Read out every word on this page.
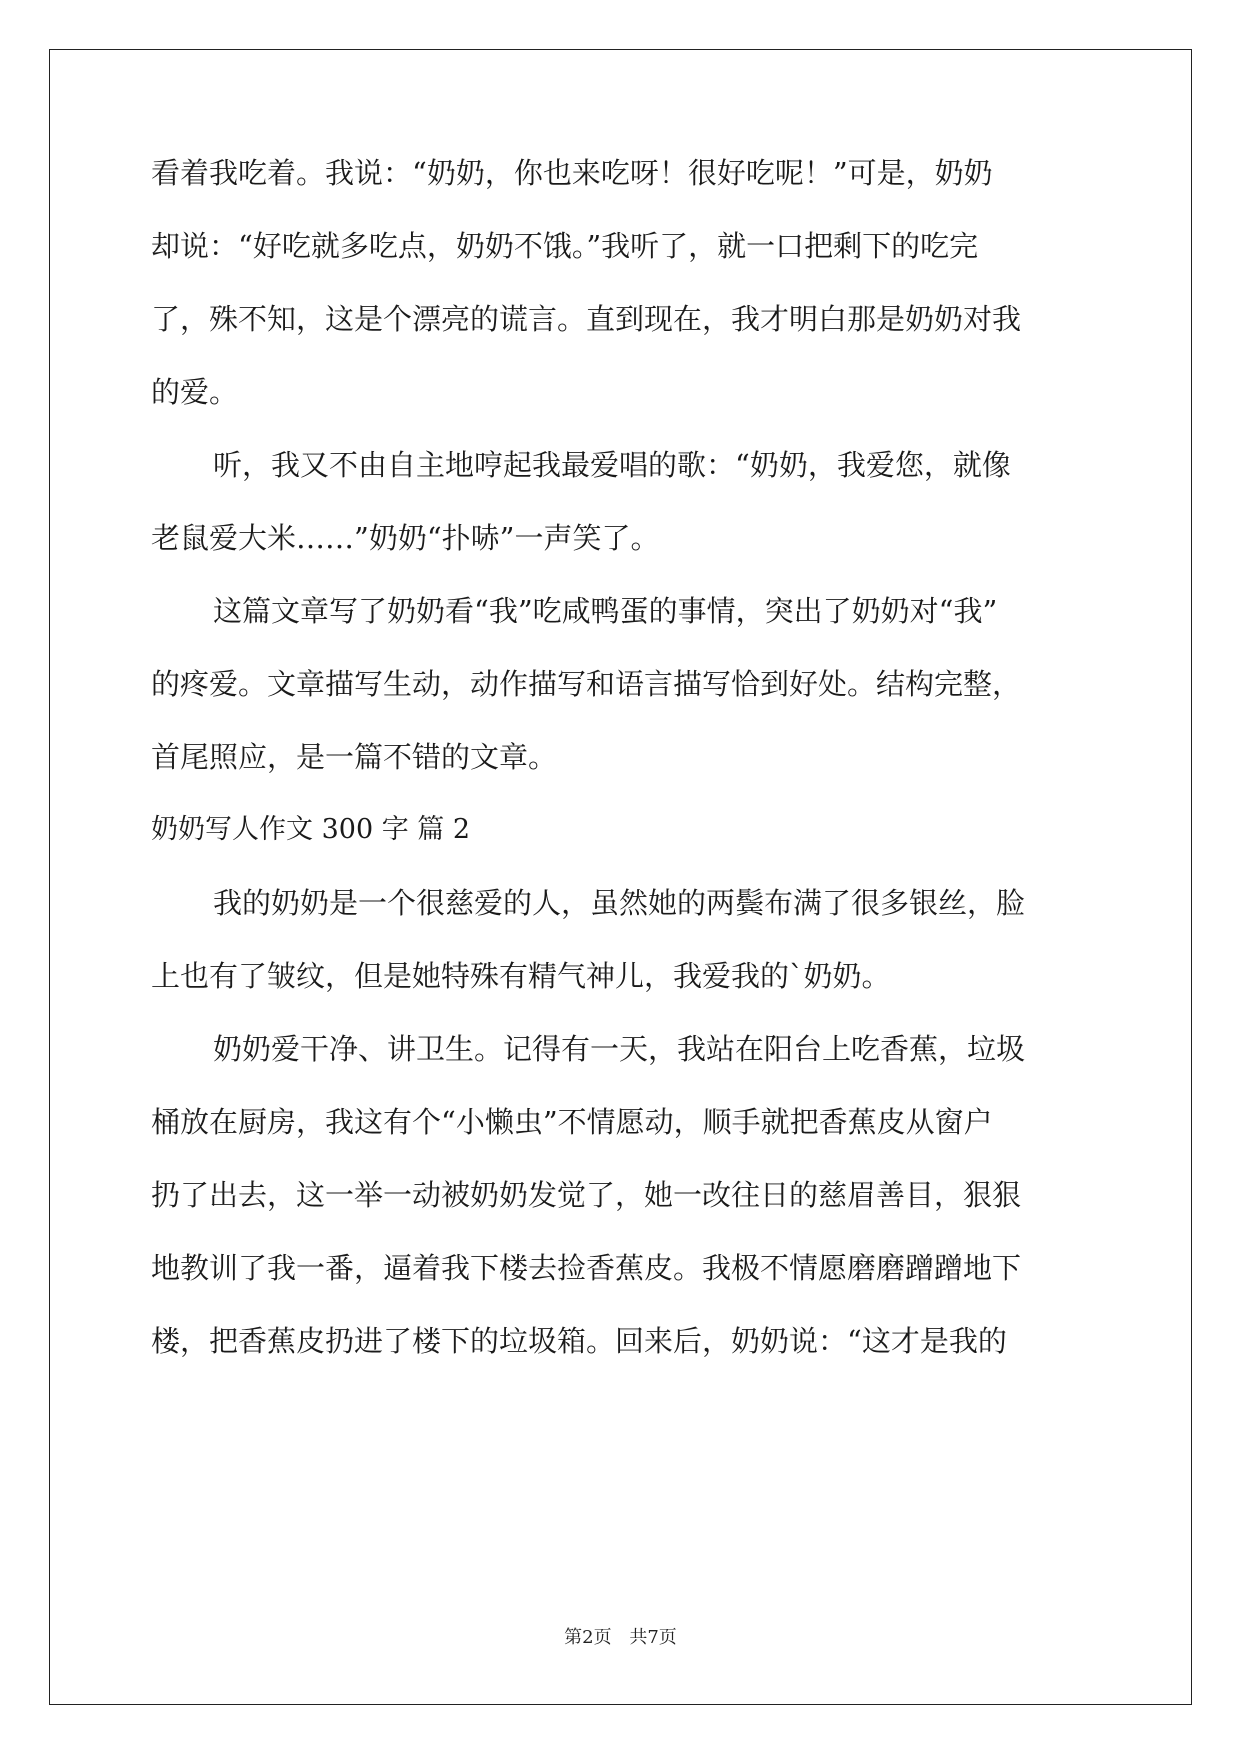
看着我吃着。我说：“奶奶，你也来吃呀！很好吃呢！”可是，奶奶
却说：“好吃就多吃点，奶奶不饿。”我听了，就一口把剩下的吃完
了，殊不知，这是个漂亮的谎言。直到现在，我才明白那是奶奶对我
的爱。
听，我又不由自主地哼起我最爱唱的歌：“奶奶，我爱您，就像
老鼠爱大米……”奶奶“扑哧”一声笑了。
这篇文章写了奶奶看“我”吃咸鸭蛋的事情，突出了奶奶对“我”
的疼爱。文章描写生动，动作描写和语言描写恰到好处。结构完整，
首尾照应，是一篇不错的文章。
奶奶写人作文 300 字 篇 2
我的奶奶是一个很慈爱的人，虽然她的两鬓布满了很多银丝，脸
上也有了皱纹，但是她特殊有精气神儿，我爱我的`奶奶。
奶奶爱干净、讲卫生。记得有一天，我站在阳台上吃香蕉，垃圾
桶放在厨房，我这有个“小懒虫”不情愿动，顺手就把香蕉皮从窗户
扔了出去，这一举一动被奶奶发觉了，她一改往日的慈眉善目，狠狠
地教训了我一番，逼着我下楼去捡香蕉皮。我极不情愿磨磨蹭蹭地下
楼，把香蕉皮扔进了楼下的垃圾箱。回来后，奶奶说：“这才是我的
第2页 共7页
